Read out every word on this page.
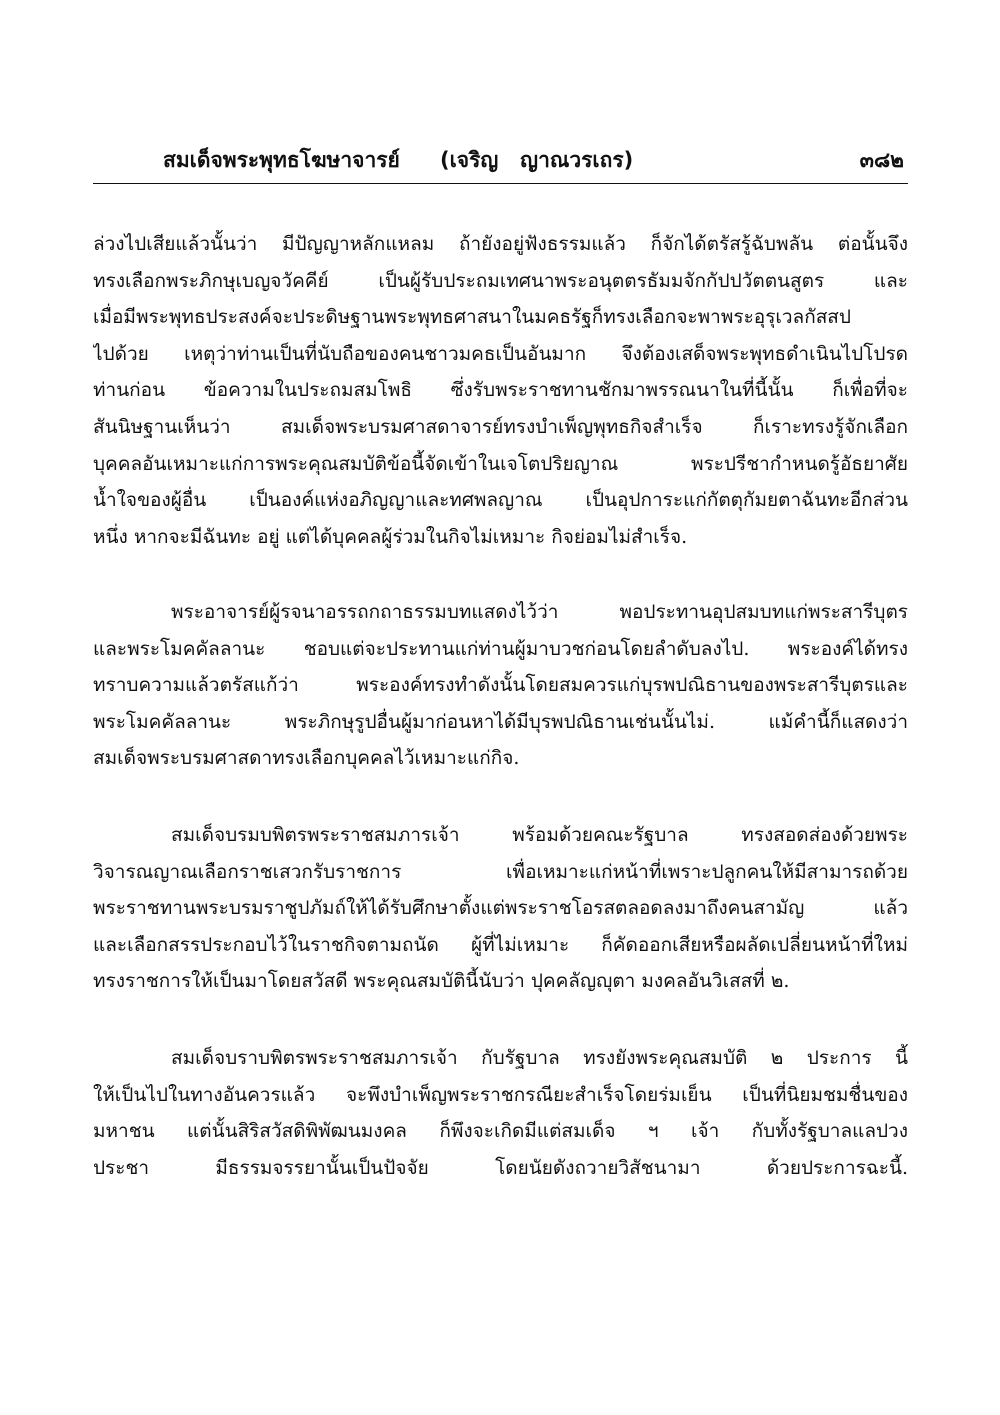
สมเด็จพระพุทธโฆษาจารย์ (เจริญ   ญาณวรเถร)	๓๘๒
ล่วงไปเสียแล้วนั้นว่า มีปัญญาหลักแหลม ถ้ายังอยู่ฟังธรรมแล้ว ก็จักได้ตรัสรู้ฉับพลัน ต่อนั้นจึง
ทรงเลือกพระภิกษุเบญจวัคคีย์ เป็นผู้รับประถมเทศนาพระอนุตตรธัมมจักกัปปวัตตนสูตร และ
เมื่อมีพระพุทธประสงค์จะประดิษฐานพระพุทธศาสนาในมคธรัฐก็ทรงเลือกจะพาพระอุรุเวลกัสสป
ไปด้วย เหตุว่าท่านเป็นที่นับถือของคนชาวมคธเป็นอันมาก จึงต้องเสด็จพระพุทธดำเนินไปโปรด
ท่านก่อน ข้อความในประถมสมโพธิ ซึ่งรับพระราชทานชักมาพรรณนาในที่นี้นั้น ก็เพื่อที่จะ
สันนิษฐานเห็นว่า สมเด็จพระบรมศาสดาจารย์ทรงบำเพ็ญพุทธกิจสำเร็จ ก็เราะทรงรู้จักเลือก
บุคคลอันเหมาะแก่การพระคุณสมบัติข้อนี้จัดเข้าในเจโตปริยญาณ พระปรีชากำหนดรู้อัธยาศัย
น้ำใจของผู้อื่น เป็นองค์แห่งอภิญญาและทศพลญาณ เป็นอุปการะแก่กัตตุกัมยตาฉันทะอีกส่วน
หนึ่ง หากจะมีฉันทะ อยู่ แต่ได้บุคคลผู้ร่วมในกิจไม่เหมาะ กิจย่อมไม่สำเร็จ.
พระอาจารย์ผู้รจนาอรรถกถาธรรมบทแสดงไว้ว่า พอประทานอุปสมบทแก่พระสารีบุตร
และพระโมคคัลลานะ ชอบแต่จะประทานแก่ท่านผู้มาบวชก่อนโดยลำดับลงไป. พระองค์ได้ทรง
ทราบความแล้วตรัสแก้ว่า พระองค์ทรงทำดังนั้นโดยสมควรแก่บุรพปณิธานของพระสารีบุตรและ
พระโมคคัลลานะ พระภิกษุรูปอื่นผู้มาก่อนหาได้มีบุรพปณิธานเช่นนั้นไม่. แม้คำนี้ก็แสดงว่า
สมเด็จพระบรมศาสดาทรงเลือกบุคคลไว้เหมาะแก่กิจ.
สมเด็จบรมบพิตรพระราชสมภารเจ้า พร้อมด้วยคณะรัฐบาล ทรงสอดส่องด้วยพระ
วิจารณญาณเลือกราชเสวกรับราชการ เพื่อเหมาะแก่หน้าที่เพราะปลูกคนให้มีสามารถด้วย
พระราชทานพระบรมราชูปภัมถ์ให้ได้รับศึกษาตั้งแต่พระราชโอรสตลอดลงมาถึงคนสามัญ แล้ว
และเลือกสรรประกอบไว้ในราชกิจตามถนัด ผู้ที่ไม่เหมาะ ก็คัดออกเสียหรือผลัดเปลี่ยนหน้าที่ใหม่
ทรงราชการให้เป็นมาโดยสวัสดี พระคุณสมบัตินี้นับว่า ปุคคลัญญุตา มงคลอันวิเสสที่ ๒.
สมเด็จบราบพิตรพระราชสมภารเจ้า กับรัฐบาล ทรงยังพระคุณสมบัติ ๒ ประการ นี้
ให้เป็นไปในทางอันควรแล้ว จะพึงบำเพ็ญพระราชกรณียะสำเร็จโดยร่มเย็น เป็นที่นิยมชมชื่นของ
มหาชน แต่นั้นสิริสวัสดิพิพัฒนมงคล ก็พึงจะเกิดมีแต่สมเด็จ ฯ เจ้า กับทั้งรัฐบาลแลปวง
ประชา มีธรรมจรรยานั้นเป็นปัจจัย โดยนัยดังถวายวิสัชนามา ด้วยประการฉะนี้.
